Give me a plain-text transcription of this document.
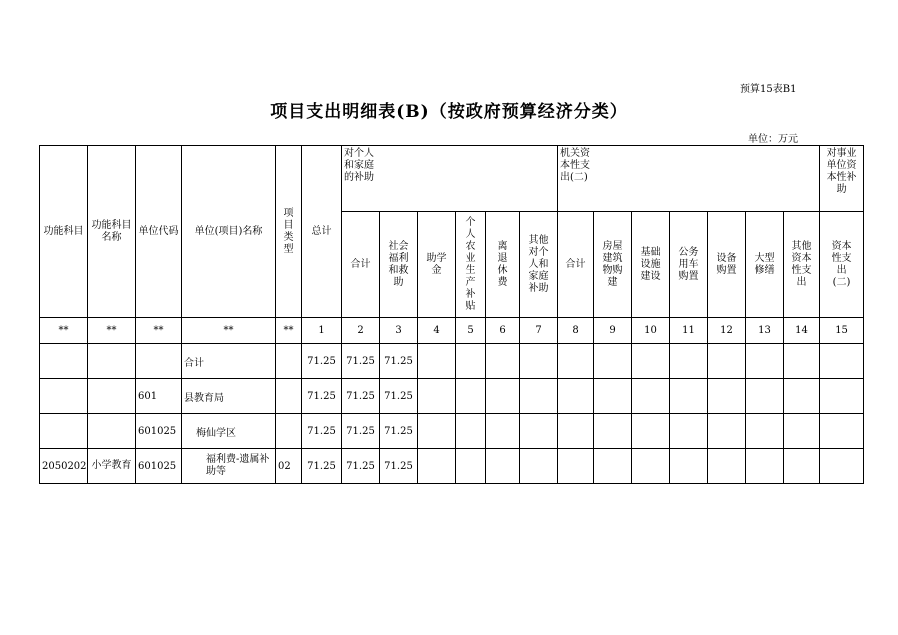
预算15表B1
项目支出明细表(B)（按政府预算经济分类）
单位：万元
功能科目	功能科目名称	单位代码	单位(项目)名称	项目类型	总计	对个人和家庭的补助						机关资本性支出(二)							对事业单位资本性补助
						合计	社会福利和救助	助学金	个人农业生产补贴	离退休费	其他对个人和家庭补助	合计	房屋建筑物购建	基础设施建设	公务用车购置	设备购置	大型修缮	其他资本性支出	资本性支出(二)
**	**	**	**	**	1	2	3	4	5	6	7	8	9	10	11	12	13	14	15
			合计		71.25	71.25	71.25												
		601	县教育局		71.25	71.25	71.25												
		601025	梅仙学区		71.25	71.25	71.25												
2050202	小学教育	601025	福利费-遗属补助等	02	71.25	71.25	71.25												
